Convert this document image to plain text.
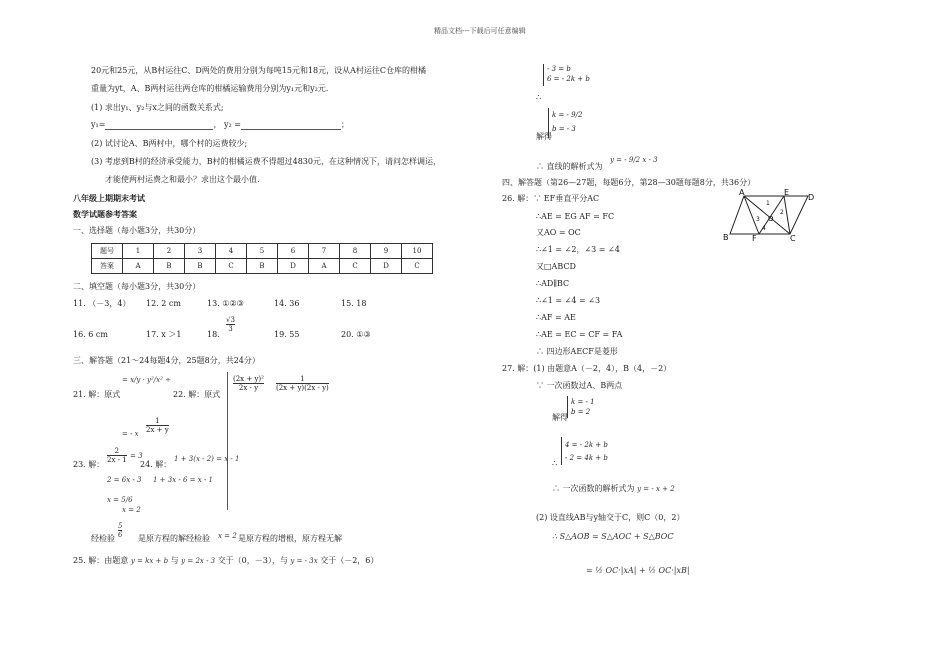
精品文档---下载后可任意编辑
20元和25元，从B村运往C、D两处的费用分别为每吨15元和18元，设从A村运往C仓库的柑橘
重量为yt，A、B两村运往两仓库的柑橘运输费用分别为y₁元和y₂元.
(1) 求出y₁、y₂与x之间的函数关系式;
y₁=	， y₂ =	；
(2) 试讨论A、B两村中，哪个村的运费较少;
(3) 考虑到B村的经济承受能力，B村的柑橘运费不得超过4830元，在这种情况下，请问怎样调运，
才能使两村运费之和最小？求出这个最小值.
八年级上期期末考试
数学试题参考答案
一、选择题（每小题3分，共30分）
题号	1	2	3	4	5	6	7	8	9	10
答案	A	B	B	C	B	D	A	C	D	C
二、填空题（每小题3分，共30分）
11. （－3，4） 12. 2 cm	13. ①②③	14. 36	15. 18
16. 6 cm	17. x ＞1	18.
$\frac{√3}{3}$
19. 55	20. ①③
三、解答题（21～24每题4分，25题8分，共24分）
21. 解：原式
= x/y · y²/x² ÷
22. 解：原式
$\frac{\text{(2x + y)²}}{2x - y} \frac{1}{(2x + y)(2x - y)}$
= - x $\frac{1}{2x + y}$
23. 解：
$\frac{2}{2x - 1} = 3$
24. 解：
1 + 3(x - 2) = x - 1
2 = 6x - 3 1 + 3x - 6 = x - 1
x = 5/6
x = 2
经检验 $\frac{5}{6}$ 是原方程的解经检验 x = 2 是原方程的增根，原方程无解
25. 解：由题意 y = kx + b 与 y = 2x - 3 交于（0，－3），与 y = - 3x 交于（－2，6）
- 3 = b
6 = - 2k + b
∴
k = - 9/2
b = - 3
解得
∴ 直线的解析式为
y = - 9/2 x - 3
四、解答题（第26—27题，每题6分，第28—30题每题8分，共36分）
26. 解：∵ EF垂直平分AC
∴AE = EG AF = FC
又AO = OC
∴∠1 = ∠2，∠3 = ∠4
又□ABCD
∴AD∥BC
∴∠1 = ∠4 = ∠3
∴AF = AE
∴AE = EC = CF = FA
∴ 四边形AECF是菱形
A	E
D
B	F	C
O
1
2
3
4
27. 解：(1) 由题意A（－2，4），B（4，－2）
∵ 一次函数过A、B两点
k = - 1
b = 2
解得
4 = - 2k + b
- 2 = 4k + b
∴
∴ 一次函数的解析式为 y = - x + 2
(2) 设直线AB与y轴交于C，则C（0，2）
∴ S△AOB = S△AOC + S△BOC
= ½ OC·|xA| + ½ OC·|xB|
